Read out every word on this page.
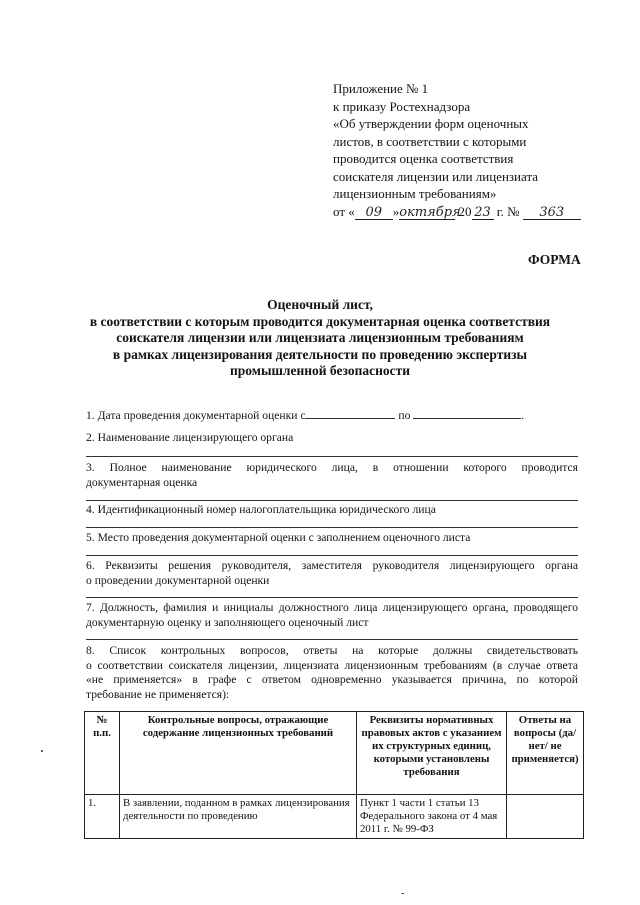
Приложение № 1
к приказу Ростехнадзора
«Об утверждении форм оценочных
листов, в соответствии с которыми
проводится оценка соответствия
соискателя лицензии или лицензиата
лицензионным требованиям»
от « 09 »октября 20 23 г. № 363
ФОРМА
Оценочный лист,
в соответствии с которым проводится документарная оценка соответствия
соискателя лицензии или лицензиата лицензионным требованиям
в рамках лицензирования деятельности по проведению экспертизы
промышленной безопасности
1. Дата проведения документарной оценки с	по	.
2. Наименование лицензирующего органа
3. Полное наименование юридического лица, в отношении которого проводится
документарная оценка
4. Идентификационный номер налогоплательщика юридического лица
5. Место проведения документарной оценки с заполнением оценочного листа
6. Реквизиты решения руководителя, заместителя руководителя лицензирующего органа
о проведении документарной оценки
7. Должность, фамилия и инициалы должностного лица лицензирующего органа, проводящего
документарную оценку и заполняющего оценочный лист
8. Список контрольных вопросов, ответы на которые должны свидетельствовать
о соответствии соискателя лицензии, лицензиата лицензионным требованиям (в случае ответа
«не применяется» в графе с ответом одновременно указывается причина, по которой
требование не применяется):
№ п.п.	Контрольные вопросы, отражающие содержание лицензионных требований	Реквизиты нормативных правовых актов с указанием их структурных единиц, которыми установлены требования	Ответы на вопросы (да/нет/ не применяется)
1.	В заявлении, поданном в рамках лицензирования деятельности по проведению	Пункт 1 части 1 статьи 13 Федерального закона от 4 мая 2011 г. № 99-ФЗ	
-
